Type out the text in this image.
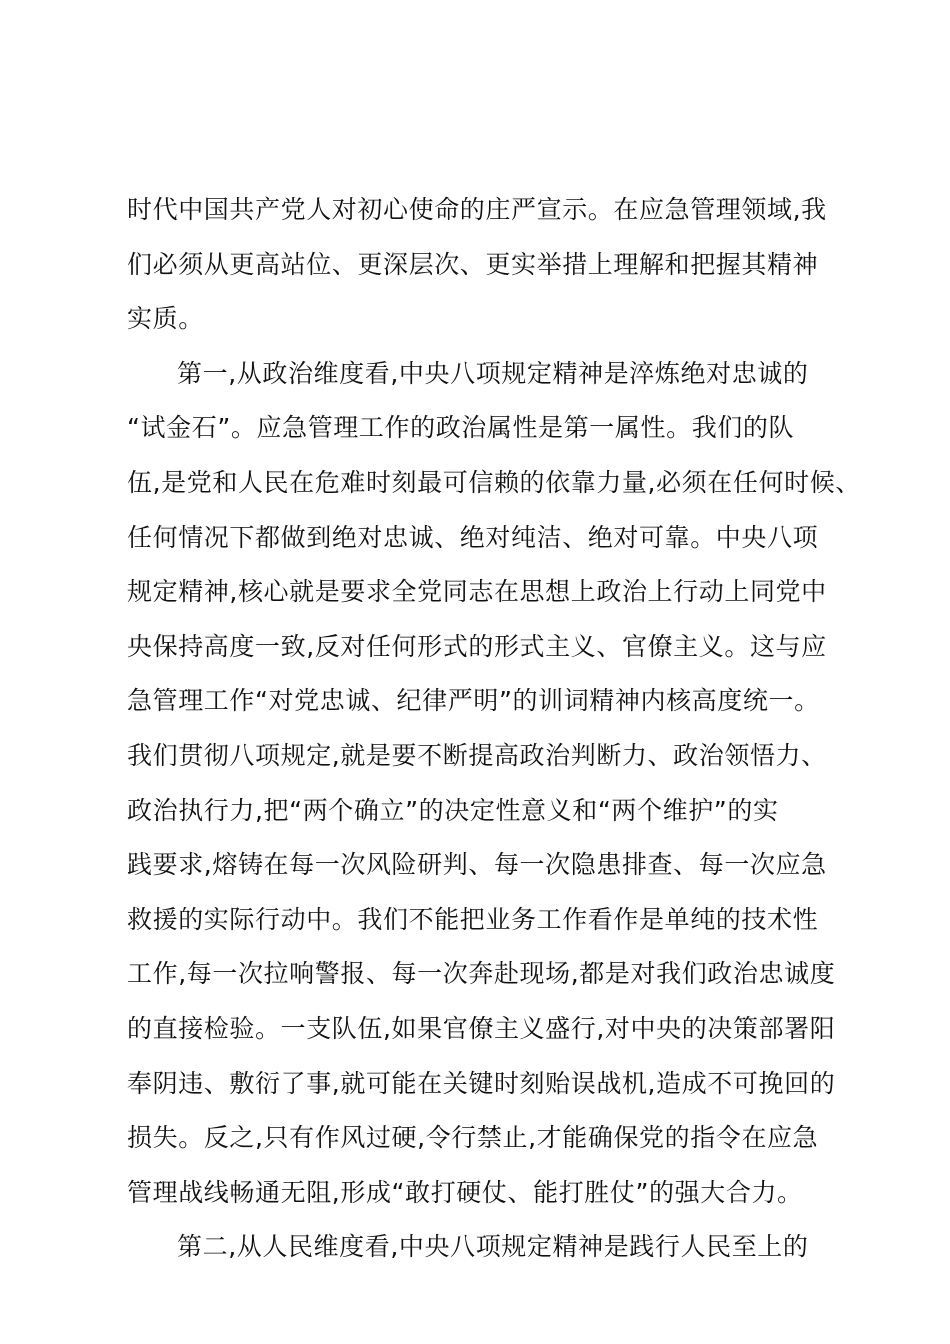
时代中国共产党人对初心使命的庄严宣示。在应急管理领域,我
们必须从更高站位、更深层次、更实举措上理解和把握其精神
实质。
第一,从政治维度看,中央八项规定精神是淬炼绝对忠诚的
“试金石”。应急管理工作的政治属性是第一属性。我们的队
伍,是党和人民在危难时刻最可信赖的依靠力量,必须在任何时候、
任何情况下都做到绝对忠诚、绝对纯洁、绝对可靠。中央八项
规定精神,核心就是要求全党同志在思想上政治上行动上同党中
央保持高度一致,反对任何形式的形式主义、官僚主义。这与应
急管理工作“对党忠诚、纪律严明”的训词精神内核高度统一。
我们贯彻八项规定,就是要不断提高政治判断力、政治领悟力、
政治执行力,把“两个确立”的决定性意义和“两个维护”的实
践要求,熔铸在每一次风险研判、每一次隐患排查、每一次应急
救援的实际行动中。我们不能把业务工作看作是单纯的技术性
工作,每一次拉响警报、每一次奔赴现场,都是对我们政治忠诚度
的直接检验。一支队伍,如果官僚主义盛行,对中央的决策部署阳
奉阴违、敷衍了事,就可能在关键时刻贻误战机,造成不可挽回的
损失。反之,只有作风过硬,令行禁止,才能确保党的指令在应急
管理战线畅通无阻,形成“敢打硬仗、能打胜仗”的强大合力。
第二,从人民维度看,中央八项规定精神是践行人民至上的
